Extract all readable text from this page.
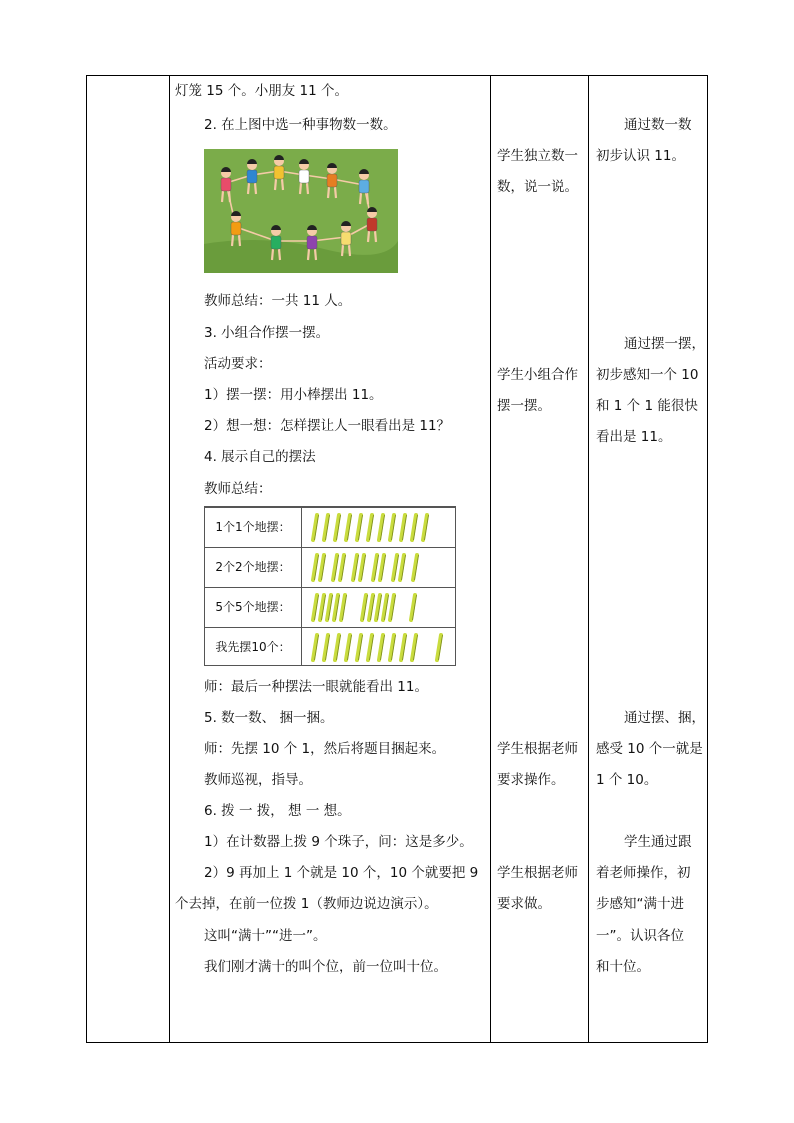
灯笼 15 个。小朋友 11 个。
2. 在上图中选一种事物数一数。
教师总结：一共 11 人。
3. 小组合作摆一摆。
活动要求：
1）摆一摆：用小棒摆出 11。
2）想一想：怎样摆让人一眼看出是 11？
4. 展示自己的摆法
教师总结：
1个1个地摆：
2个2个地摆：
5个5个地摆：
我先摆10个：
师：最后一种摆法一眼就能看出 11。
5. 数一数、 捆一捆。
师：先摆 10 个 1，然后将题目捆起来。
教师巡视，指导。
6. 拨 一 拨， 想 一 想。
1）在计数器上拨 9 个珠子，问：这是多少。
2）9 再加上 1 个就是 10 个，10 个就要把 9
个去掉，在前一位拨 1（教师边说边演示）。
这叫“满十”“进一”。
我们刚才满十的叫个位，前一位叫十位。
学生独立数一
数，说一说。
学生小组合作
摆一摆。
学生根据老师
要求操作。
学生根据老师
要求做。
通过数一数
初步认识 11。
通过摆一摆，
初步感知一个 10
和 1 个 1 能很快
看出是 11。
通过摆、捆，
感受 10 个一就是
1 个 10。
学生通过跟
着老师操作，初
步感知“满十进
一”。认识各位
和十位。
